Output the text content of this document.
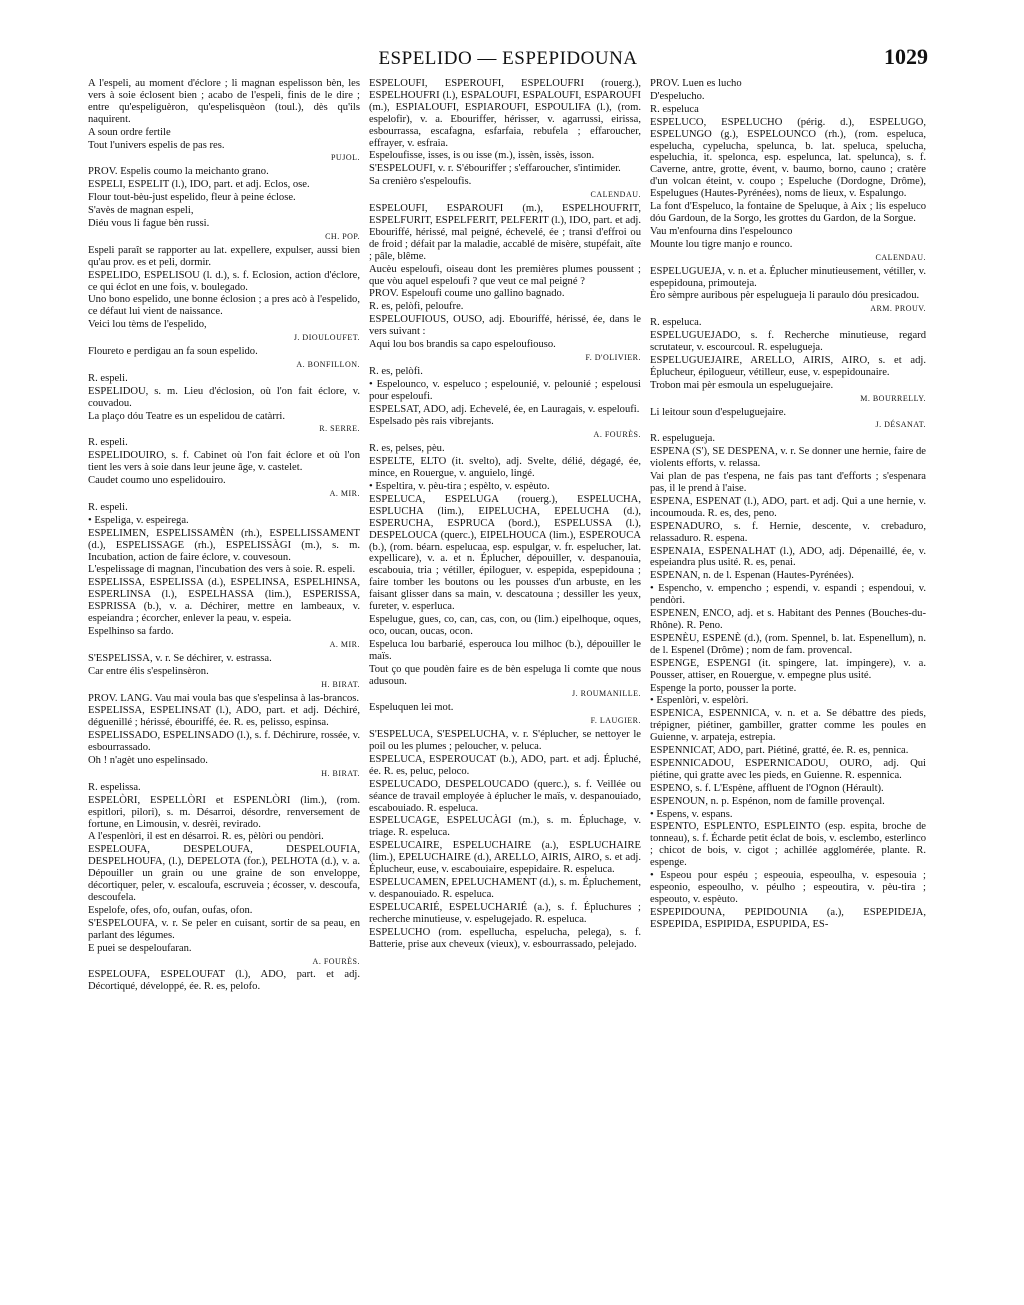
ESPELIDO — ESPEPIDOUNA	1029

A l'espeli, au moment d'éclore ; li magnan espelisson bèn, les vers à soie éclosent bien ; acabo de l'espeli, finis de le dire ; entre qu'espeliguèron, qu'espelisquèon (toul.), dès qu'ils naquirent.

A soun ordre fertile

Tout l'univers espelis de pas res.

PUJOL.

PROV. Espelis coumo la meichanto grano.

ESPELI, ESPELIT (l.), IDO, part. et adj. Eclos, ose.

Flour tout-bèu-just espelido, fleur à peine éclose.

S'avès de magnan espeli,

Diéu vous li fague bèn russi.

CH. POP.

Espeli paraît se rapporter au lat. expellere, expulser, aussi bien qu'au prov. es et peli, dormir.

ESPELIDO, ESPELISOU (l. d.), s. f. Eclosion, action d'éclore, ce qui éclot en une fois, v. boulegado.

Uno bono espelido, une bonne éclosion ; a pres acò à l'espelido, ce défaut lui vient de naissance.

Veici lou tèms de l'espelido,

J. DIOULOUFET.

Floureto e perdigau an fa soun espelido.

A. BONFILLON.

R. espeli.

ESPELIDOU, s. m. Lieu d'éclosion, où l'on fait éclore, v. couvadou.

La plaço dóu Teatre es un espelidou de catàrri.

R. SERRE.

R. espeli.

ESPELIDOUIRO, s. f. Cabinet où l'on fait éclore et où l'on tient les vers à soie dans leur jeune âge, v. castelet.

Caudet coumo uno espelidouiro.

A. MIR.

R. espeli.

• Espeliga, v. espeirega.

ESPELIMEN, ESPELISSAMÈN (rh.), ESPELLISSAMENT (d.), ESPELISSAGE (rh.), ESPELISSÀGI (m.), s. m. Incubation, action de faire éclore, v. couvesoun.

L'espelissage di magnan, l'incubation des vers à soie. R. espeli.

ESPELISSA, ESPELISSA (d.), ESPELINSA, ESPELHINSA, ESPERLINSA (l.), ESPELHASSA (lim.), ESPERISSA, ESPRISSA (b.), v. a. Déchirer, mettre en lambeaux, v. espeiandra ; écorcher, enlever la peau, v. espeia.

Espelhinso sa fardo.

A. MIR.

S'ESPELISSA, v. r. Se déchirer, v. estrassa.

Car entre élis s'espelinsèron.

H. BIRAT.

PROV. LANG. Vau mai voula bas que s'espelinsa à las-brancos.

ESPELISSA, ESPELINSAT (l.), ADO, part. et adj. Déchiré, déguenillé ; hérissé, ébouriffé, ée. R. es, pelisso, espinsa.

ESPELISSADO, ESPELINSADO (l.), s. f. Déchirure, rossée, v. esbourrassado.

Oh ! n'agèt uno espelinsado.

H. BIRAT.

R. espelissa.

ESPELÒRI, ESPELLÒRI et ESPENLÒRI (lim.), (rom. espitlori, pilori), s. m. Désarroi, désordre, renversement de fortune, en Limousin, v. desrèi, revirado.

A l'espenlòri, il est en désarroi. R. es, pèlòri ou pendòri.

ESPELOUFA, DESPELOUFA, DESPELOUFIA, DESPELHOUFA, (l.), DEPELOTA (for.), PELHOTA (d.), v. a. Dépouiller un grain ou une graine de son enveloppe, décortiquer, peler, v. escaloufa, escruveia ; écosser, v. descoufa, descoufela.

Espelofe, ofes, ofo, oufan, oufas, ofon.

S'ESPELOUFA, v. r. Se peler en cuisant, sortir de sa peau, en parlant des légumes.

E puei se despeloufaran.

A. FOURÈS.

ESPELOUFA, ESPELOUFAT (l.), ADO, part. et adj. Décortiqué, développé, ée. R. es, pelofo.

ESPELOUFI, ESPEROUFI, ESPELOUFRI (rouerg.), ESPELHOUFRI (l.), ESPALOUFI, ESPALOUFI, ESPAROUFI (m.), ESPIALOUFI, ESPIAROUFI, ESPOULIFA (l.), (rom. espelofir), v. a. Ebouriffer, hérisser, v. agarrussi, eirissa, esbourrassa, escafagna, esfarfaia, rebufela ; effaroucher, effrayer, v. esfraia.

Espeloufisse, isses, is ou isse (m.), issèn, issès, isson.

S'ESPELOUFI, v. r. S'ébouriffer ; s'effaroucher, s'intimider.

Sa crenièro s'espeloufis.

CALENDAU.

ESPELOUFI, ESPAROUFI (m.), ESPELHOUFRIT, ESPELFURIT, ESPELFERIT, PELFERIT (l.), IDO, part. et adj. Ebouriffé, hérissé, mal peigné, échevelé, ée ; transi d'effroi ou de froid ; défait par la maladie, accablé de misère, stupéfait, aïte ; pâle, blême.

Aucèu espeloufi, oiseau dont les premières plumes poussent ; que vòu aquel espeloufi ? que veut ce mal peigné ?

PROV. Espeloufi coume uno gallino bagnado.

R. es, pelòfi, peloufre.

ESPELOUFIOUS, OUSO, adj. Ebouriffé, hérissé, ée, dans le vers suivant :

Aqui lou bos brandis sa capo espeloufiouso.

F. D'OLIVIER.

R. es, pelòfi.

• Espelounco, v. espeluco ; espelounié, v. pelounié ; espelousi pour espeloufi.

ESPELSAT, ADO, adj. Echevelé, ée, en Lauragais, v. espeloufi.

Espelsado pès rais vibrejants.

A. FOURÈS.

R. es, pelses, pèu.

ESPELTE, ELTO (it. svelto), adj. Svelte, délié, dégagé, ée, mince, en Rouergue, v. anguielo, lingé.

• Espeltira, v. pèu-tira ; espèlto, v. espèuto.

ESPELUCA, ESPELUGA (rouerg.), ESPELUCHA, ESPLUCHA (lim.), EIPELUCHA, EPELUCHA (d.), ESPERUCHA, ESPRUCA (bord.), ESPELUSSA (l.), DESPELOUCA (querc.), EIPELHOUCA (lim.), ESPEROUCA (b.), (rom. béarn. espelucaa, esp. espulgar, v. fr. espelucher, lat. expellicare), v. a. et n. Éplucher, dépouiller, v. despanouia, escabouia, tria ; vétiller, épiloguer, v. espepida, espepidouna ; faire tomber les boutons ou les pousses d'un arbuste, en les faisant glisser dans sa main, v. descatouna ; dessiller les yeux, fureter, v. esperluca.

Espelugue, gues, co, can, cas, con, ou (lim.) eipelhoque, oques, oco, oucan, oucas, ocon.

Espeluca lou barbarié, esperouca lou milhoc (b.), dépouiller le maïs.

Tout ço que poudèn faire es de bèn espeluga li comte que nous adusoun.

J. ROUMANILLE.

Espeluquen lei mot.

F. LAUGIER.

S'ESPELUCA, S'ESPELUCHA, v. r. S'éplucher, se nettoyer le poil ou les plumes ; peloucher, v. peluca.

ESPELUCA, ESPEROUCAT (b.), ADO, part. et adj. Épluché, ée. R. es, peluc, peloco.

ESPELUCADO, DESPELOUCADO (querc.), s. f. Veillée ou séance de travail employée à éplucher le maïs, v. despanouiado, escabouiado. R. espeluca.

ESPELUCAGE, ESPELUCÀGI (m.), s. m. Épluchage, v. triage. R. espeluca.

ESPELUCAIRE, ESPELUCHAIRE (a.), ESPLUCHAIRE (lim.), EPELUCHAIRE (d.), ARELLO, AIRIS, AIRO, s. et adj. Éplucheur, euse, v. escabouiaire, espepidaire. R. espeluca.

ESPELUCAMEN, EPELUCHAMENT (d.), s. m. Épluchement, v. despanouiado. R. espeluca.

ESPELUCARIÉ, ESPELUCHARIÉ (a.), s. f. Épluchures ; recherche minutieuse, v. espelugejado. R. espeluca.

ESPELUCHO (rom. espellucha, espelucha, pelega), s. f. Batterie, prise aux cheveux (vieux), v. esbourrassado, pelejado.

PROV. Luen es lucho

D'espelucho.

R. espeluca

ESPELUCO, ESPELUCHO (périg. d.), ESPELUGO, ESPELUNGO (g.), ESPELOUNCO (rh.), (rom. espeluca, espelucha, cypelucha, spelunca, b. lat. speluca, spelucha, espeluchia, it. spelonca, esp. espelunca, lat. spelunca), s. f. Caverne, antre, grotte, évent, v. baumo, borno, cauno ; cratère d'un volcan éteint, v. coupo ; Espeluche (Dordogne, Drôme), Espelugues (Hautes-Pyrénées), noms de lieux, v. Espalungo.

La font d'Espeluco, la fontaine de Speluque, à Aix ; lis espeluco dóu Gardoun, de la Sorgo, les grottes du Gardon, de la Sorgue.

Vau m'enfourna dins l'espelounco

Mounte lou tigre manjo e rounco.

CALENDAU.

ESPELUGUEJA, v. n. et a. Éplucher minutieusement, vétiller, v. espepidouna, primouteja.

Èro sèmpre auribous pèr espelugueja li paraulo dóu presicadou.

ARM. PROUV.

R. espeluca.

ESPELUGUEJADO, s. f. Recherche minutieuse, regard scrutateur, v. escourcoul. R. espelugueja.

ESPELUGUEJAIRE, ARELLO, AIRIS, AIRO, s. et adj. Éplucheur, épilogueur, vétilleur, euse, v. espepidounaire.

Trobon mai pèr esmoula un espeluguejaire.

M. BOURRELLY.

Li leitour soun d'espeluguejaire.

J. DÉSANAT.

R. espelugueja.

ESPENA (S'), SE DESPENA, v. r. Se donner une hernie, faire de violents efforts, v. relassa.

Vai plan de pas t'espena, ne fais pas tant d'efforts ; s'espenara pas, il le prend à l'aise.

ESPENA, ESPENAT (l.), ADO, part. et adj. Qui a une hernie, v. incoumouda. R. es, des, peno.

ESPENADURO, s. f. Hernie, descente, v. crebaduro, relassaduro. R. espena.

ESPENAIA, ESPENALHAT (l.), ADO, adj. Dépenaillé, ée, v. espeiandra plus usité. R. es, penai.

ESPENAN, n. de l. Espenan (Hautes-Pyrénées).

• Espencho, v. empencho ; espendi, v. espandi ; espendoui, v. pendòri.

ESPENEN, ENCO, adj. et s. Habitant des Pennes (Bouches-du-Rhône). R. Peno.

ESPENÈU, ESPENÈ (d.), (rom. Spennel, b. lat. Espenellum), n. de l. Espenel (Drôme) ; nom de fam. provencal.

ESPENGE, ESPENGI (it. spingere, lat. impingere), v. a. Pousser, attiser, en Rouergue, v. empegne plus usité.

Espenge la porto, pousser la porte.

• Espenlòri, v. espelòri.

ESPENICA, ESPENNICA, v. n. et a. Se débattre des pieds, trépigner, piétiner, gambiller, gratter comme les poules en Guienne, v. arpateja, estrepia.

ESPENNICAT, ADO, part. Piétiné, gratté, ée. R. es, pennica.

ESPENNICADOU, ESPERNICADOU, OURO, adj. Qui piétine, qui gratte avec les pieds, en Guienne. R. espennica.

ESPENO, s. f. L'Espène, affluent de l'Ognon (Hérault).

ESPENOUN, n. p. Espénon, nom de famille provençal.

• Espens, v. espans.

ESPENTO, ESPLENTO, ESPLEINTO (esp. espita, broche de tonneau), s. f. Écharde petit éclat de bois, v. esclembo, esterlinco ; chicot de bois, v. cigot ; achillée agglomérée, plante. R. espenge.

• Espeou pour espéu ; espeouia, espeoulha, v. espesouia ; espeonio, espeoulho, v. péulho ; espeoutira, v. pèu-tira ; espeouto, v. espèuto.

ESPEPIDOUNA, PEPIDOUNIA (a.), ESPEPIDEJA, ESPEPIDA, ESPIPIDA, ESPUPIDA, ES-
